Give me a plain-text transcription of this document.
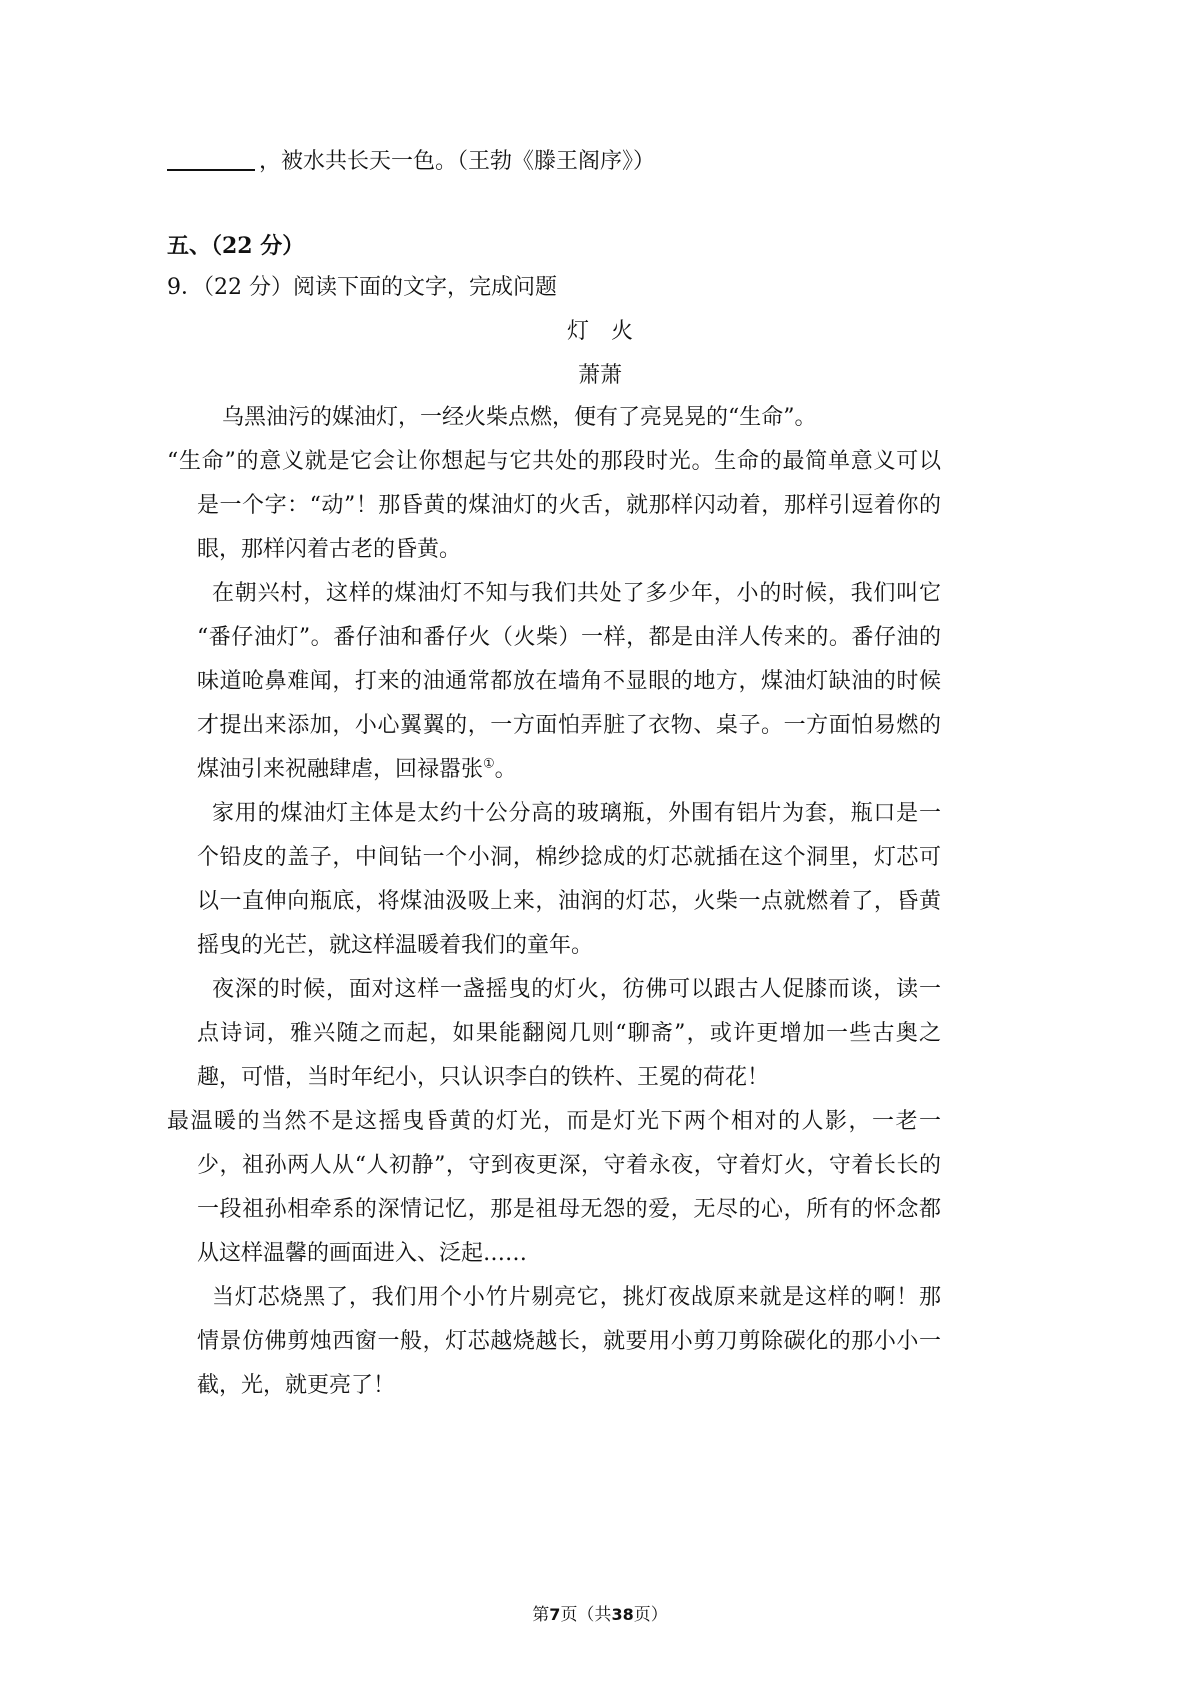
，被水共长天一色。（王勃《滕王阁序》）
五、（22 分）
9．（22 分）阅读下面的文字，完成问题
灯　火
萧萧
乌黑油污的媒油灯，一经火柴点燃，便有了亮晃晃的“生命”。
“生命”的意义就是它会让你想起与它共处的那段时光。生命的最简单意义可以
是一个字：“动”！那昏黄的煤油灯的火舌，就那样闪动着，那样引逗着你的
眼，那样闪着古老的昏黄。
在朝兴村，这样的煤油灯不知与我们共处了多少年，小的时候，我们叫它
“番仔油灯”。番仔油和番仔火（火柴）一样，都是由洋人传来的。番仔油的
味道呛鼻难闻，打来的油通常都放在墙角不显眼的地方，煤油灯缺油的时候
才提出来添加，小心翼翼的，一方面怕弄脏了衣物、桌子。一方面怕易燃的
煤油引来祝融肆虐，回禄嚣张①。
家用的煤油灯主体是太约十公分高的玻璃瓶，外围有铝片为套，瓶口是一
个铅皮的盖子，中间钻一个小洞，棉纱捻成的灯芯就插在这个洞里，灯芯可
以一直伸向瓶底，将煤油汲吸上来，油润的灯芯，火柴一点就燃着了，昏黄
摇曳的光芒，就这样温暖着我们的童年。
夜深的时候，面对这样一盏摇曳的灯火，彷佛可以跟古人促膝而谈，读一
点诗词，雅兴随之而起，如果能翻阅几则“聊斋”，或许更增加一些古奥之
趣，可惜，当时年纪小，只认识李白的铁杵、王冕的荷花！
最温暖的当然不是这摇曳昏黄的灯光，而是灯光下两个相对的人影，一老一
少，祖孙两人从“人初静”，守到夜更深，守着永夜，守着灯火，守着长长的
一段祖孙相牵系的深情记忆，那是祖母无怨的爱，无尽的心，所有的怀念都
从这样温馨的画面进入、泛起……
当灯芯烧黑了，我们用个小竹片剔亮它，挑灯夜战原来就是这样的啊！那
情景仿佛剪烛西窗一般，灯芯越烧越长，就要用小剪刀剪除碳化的那小小一
截，光，就更亮了！
第7页（共38页）
